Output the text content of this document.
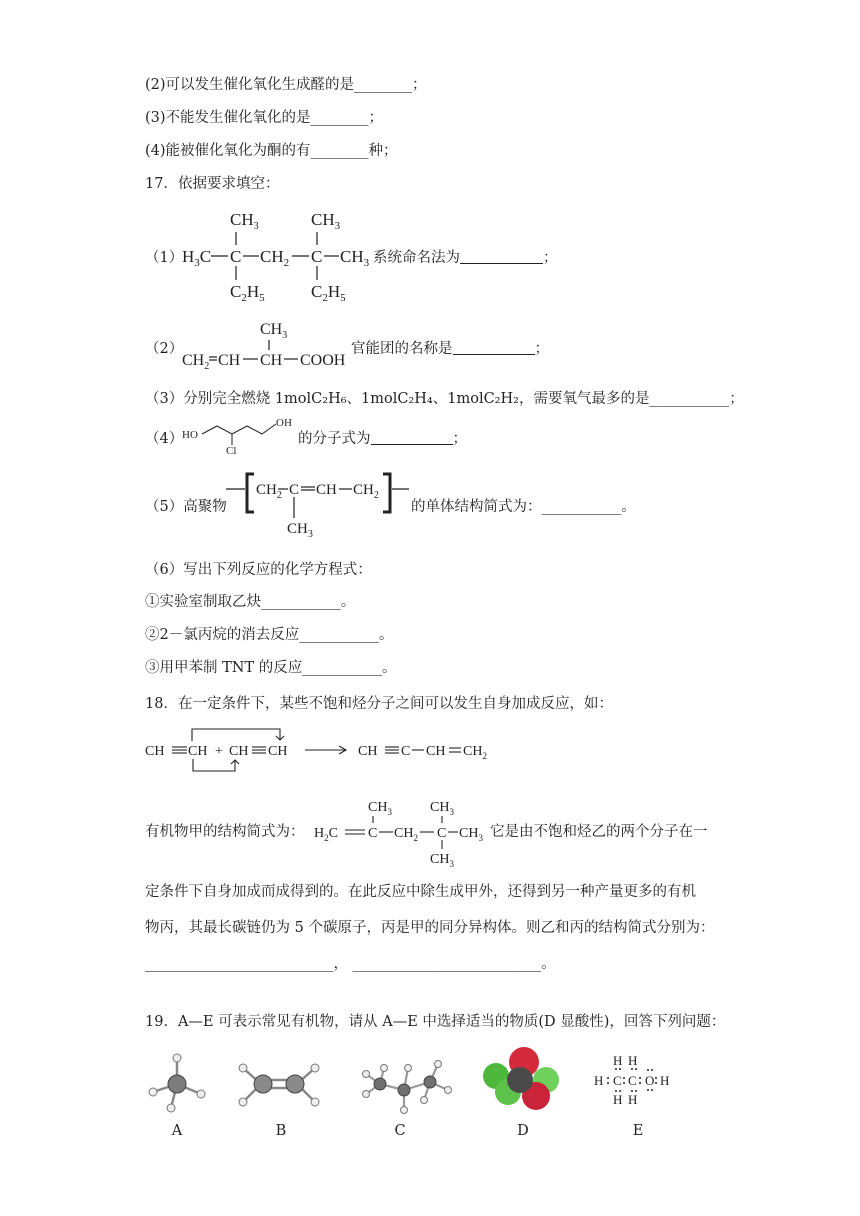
(2)可以发生催化氧化生成醛的是________；
(3)不能发生催化氧化的是________；
(4)能被催化氧化为酮的有________种；
17．依据要求填空：
（1）
$CH_3$	$CH_3$
$H_3C$ C $CH_2$ C $CH_3$
$C_2H_5$	$C_2H_5$
系统命名法为	；
（2）
$CH_3$
$CH_2$ CH CH COOH
官能团的名称是	；
（3）分别完全燃烧 1molC₂H₆、1molC₂H₄、1molC₂H₂，需要氧气最多的是___________；
（4）
HO
OH
Cl
的分子式为	；
（5）高聚物
$CH_2$ C CH $CH_2$
$CH_3$
的单体结构简式为：___________。
（6）写出下列反应的化学方程式：
①实验室制取乙炔___________。
②2－氯丙烷的消去反应___________。
③用甲苯制 TNT 的反应___________。
18．在一定条件下，某些不饱和烃分子之间可以发生自身加成反应，如：
CH CH + CH CH	CH C CH $CH_2$
有机物甲的结构简式为：
$CH_3$	$CH_3$
$H_2C$ C $CH_2$ C $CH_3$
$CH_3$
它是由不饱和烃乙的两个分子在一
定条件下自身加成而成得到的。在此反应中除生成甲外，还得到另一种产量更多的有机
物丙，其最长碳链仍为 5 个碳原子，丙是甲的同分异构体。则乙和丙的结构简式分别为：
__________________________， __________________________。
19．A—E 可表示常见有机物，请从 A—E 中选择适当的物质(D 显酸性)，回答下列问题：
A	B	C	D
H H
H C C O H
H H
E
